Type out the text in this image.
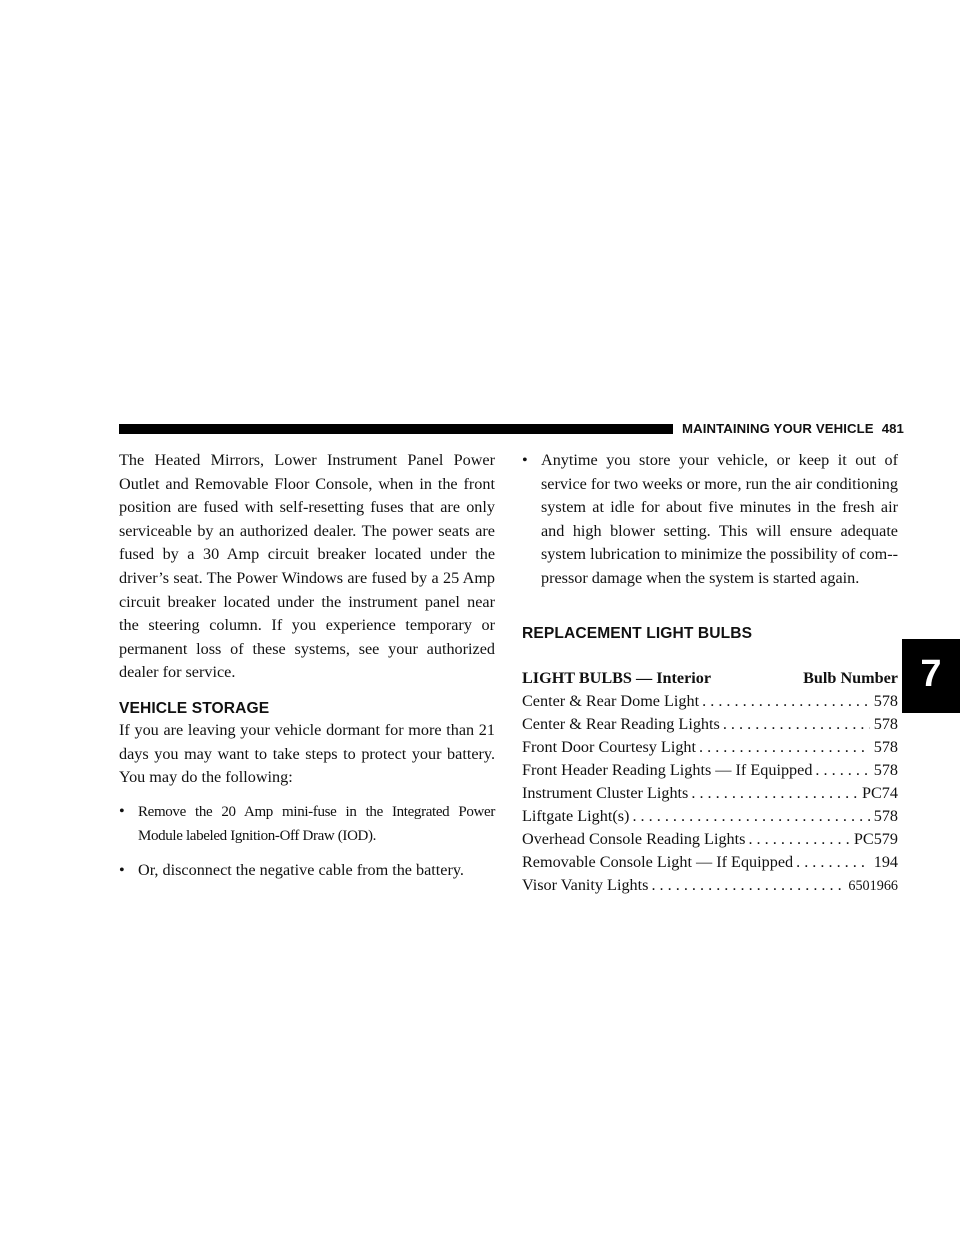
MAINTAINING YOUR VEHICLE 481

The Heated Mirrors, Lower Instrument Panel Power Outlet and Removable Floor Console, when in the front position are fused with self-resetting fuses that are only serviceable by an authorized dealer. The power seats are fused by a 30 Amp circuit breaker located under the driver’s seat. The Power Windows are fused by a 25 Amp circuit breaker located under the instrument panel near the steering column. If you experience temporary or permanent loss of these systems, see your authorized dealer for service.

VEHICLE STORAGE

If you are leaving your vehicle dormant for more than 21 days you may want to take steps to protect your battery. You may do the following:

• Remove the 20 Amp mini-fuse in the Integrated Power Module labeled Ignition-Off Draw (IOD).
• Or, disconnect the negative cable from the battery.
• Anytime you store your vehicle, or keep it out of service for two weeks or more, run the air conditioning system at idle for about five minutes in the fresh air and high blower setting. This will ensure adequate system lubrication to minimize the possibility of com-pressor damage when the system is started again.
REPLACEMENT LIGHT BULBS
LIGHT BULBS — Interior	Bulb Number
Center & Rear Dome Light . . .	578
Center & Rear Reading Lights . . .	578
Front Door Courtesy Light . . .	578
Front Header Reading Lights — If Equipped . . .	578
Instrument Cluster Lights . . .	PC74
Liftgate Light(s) . . .	578
Overhead Console Reading Lights . . .	PC579
Removable Console Light — If Equipped . . .	194
Visor Vanity Lights . . .	6501966
7
